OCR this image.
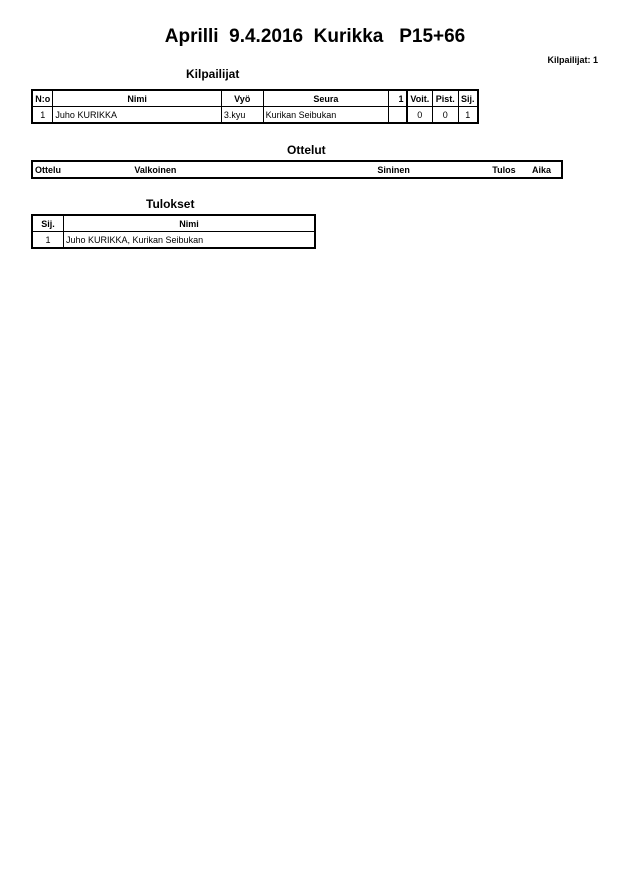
Aprilli  9.4.2016  Kurikka   P15+66
Kilpailijat: 1
Kilpailijat
N:o	Nimi	Vyö	Seura	1	Voit.	Pist.	Sij.
1	Juho KURIKKA	3.kyu	Kurikan Seibukan		0	0	1
Ottelut
Ottelu	Valkoinen	Sininen	Tulos	Aika
Tulokset
Sij.	Nimi
1	Juho KURIKKA, Kurikan Seibukan
